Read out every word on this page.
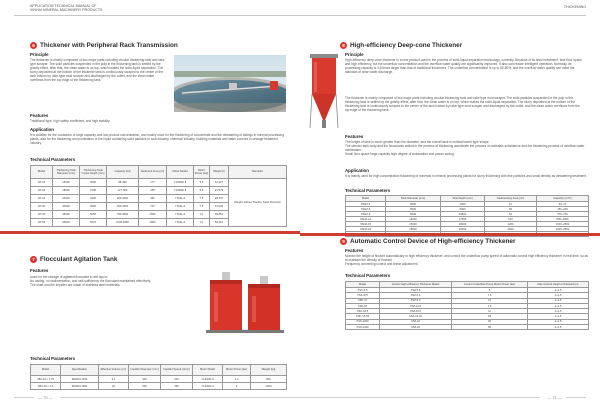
APPLICATION TECHNICAL MANUAL OF
XINHAI MINERAL MACHINERY PRODUCTS
6 Thickener with Peripheral Rack Transmission
Principle
The thickener is mainly composed of two major parts including circular thickening tank and rake type scraper. The solid particles suspended in the pulp in the thickening tank is settled by the gravity effect, after that, the clean water is on top, which makes the solid-liquid separation. The slurry deposited at the bottom of the thickener tank is continuously scraped to the center of the tank bottom by rake-type mud scraper and discharged by the outlet, and the clean water overflows from the top edge of the thickening tank.
Features
Traditional type, high safety coefficient, and high stability.
Application
It is suitable for the occasions of large capacity and low product concentration, and mainly used for the thickening of concentrate and the dewatering of tailings in mineral processing plants, also for the thickening and purification of the liquid containing solid particles in coal industry, chemical industry, building materials and water sources in sewage treatment industry.
Technical Parameters
Model	Thickening Tank Diameter (mm)	Thickening Tank Center Depth (mm)	Capacity (t/d)	Sediment Area (m²)	Motor Model	Motor Power (kw)	Weight (t)	Remarks
NT-15	15000	3500	88-390	177	Y132M2-6	5.5	12.927	Weight without Traction Steel Structure
NT-18	18000	3700	127-560	255	Y132M2-6	5.5	21.579	
NT-24	24000	3400	220-1000	452	Y160L-6	7.5	28.270	
NT-30	30000	3900	350-1560	707	Y160L-6	7.5	31.000	
NT-45	45000	5050	790-3500	1590	Y160L-6	11	39.851	
NT-53	53000	5070	1000-4860	2960	Y160L-6	11	69.610	
7 Flocculant Agitation Tank
Features
Used for the storage of agitated flocculant in wet liquor;
No caking, no sedimentation, and self-sufficiency the flocculant maintained effectively;
The shaft and the impeller are made of stainless steel materials.
Technical Parameters
Model	Specification	Effective Volume (m³)	Impeller Diameter (mm)	Impeller Speed (r/min)	Motor Model	Motor Power (kw)	Weight (kg)
XBJ-16 × 1.75	Ø1600×1750	3.1	400	320	Y132M1-6	2.2	800
XBJ-19 × 1.9	Ø1900×1900	22	540	330	Y132M1-6	3	1000
— 70 —
THICKENING
8 High-efficiency Deep-cone Thickener
Principle
High-efficiency deep-cone thickener is a new product used in the process of solid-liquid separation technology, currently. Because of its less investment, less floor space and high efficiency, but the underflow concentration and the overflow water quality are significantly improved. It also can realize intelligent operation. Normally, its processing capacity is 3-8 times larger than that of traditional thickeners. The underflow concentration is up to 60-80%, and the overflow water quality can meet the standard of clear water discharge.
The thickener is mainly composed of two major parts including circular thickening tank and rake type mud scraper. The solid particles suspended in the pulp in the thickening tank is settled by the gravity effect, after that, the clean water is on top, which makes the solid-liquid separation. The slurry deposited at the bottom of the thickening tank is continuously scraped to the center of the tank bottom by rake-type mud scraper and discharged by the outlet, and the clean water overflows from the top edge of the thickening tank.
Features
The height of tank is much greater than the diameter, and the overall tank is vertical barrel-type shape;
The slender tank body and the flocculants added in the process of thickening accelerate the process of materials subsidence and the thickening process of overflow water clarification;
Small floor space large capacity high degree of automation and power saving.
Application
It is mainly used for high concentration thickening of minerals in mineral processing plants for slurry thickening with fine particles and small density as dewatering treatment.
Technical Parameters
Model	Tank Diameter (mm)	Tank Depth (mm)	Sedimentary Area (m²)	Capacity (m³/h)
XSNZ-5	5000	4000	21	60~70
XSNZ-6	6000	6000	30	150~200
XSNZ-9	9000	10500	64	370~700
XSNZ-12	12000	17500	510	800~2000
XSNZ-15	15000	18000	1200	1600~2500
XSNZ-18	18000	20000	2000	1600~2500

9 Automatic Control Device of High-efficiency Thickener
Features
Monitor the height of flocked automatically in high efficiency thickener, and control the underflow pump speed of automatic control high efficiency thickener in real time, so as to maintain the density of flocked;
Frequency converting control and linear adjustment.
Technical Parameters
Model	Control High-efficiency Thickener Model	Control Underflow Pump Motor Power (kw)	Max Control Height of Flocked (m)
XSK-5.5	XSZ-5.5	5	4~2.5
XSK-975	XSZ-5.6	7.5	4~2.5
XSK-11	XSZ-9.0	11	4~2.5
XSK-15	XSZ-12.5	7.5	4~2.5
XSK-18.5	XSZ-15.0	11	4~2.5
XSK-15-55	XSZ-15-20	18	4~2.5
XSK-2200	XSZ-22	30	4~2.5
XSK-2430	XSZ-22	55	4~2.5
— 71 —
